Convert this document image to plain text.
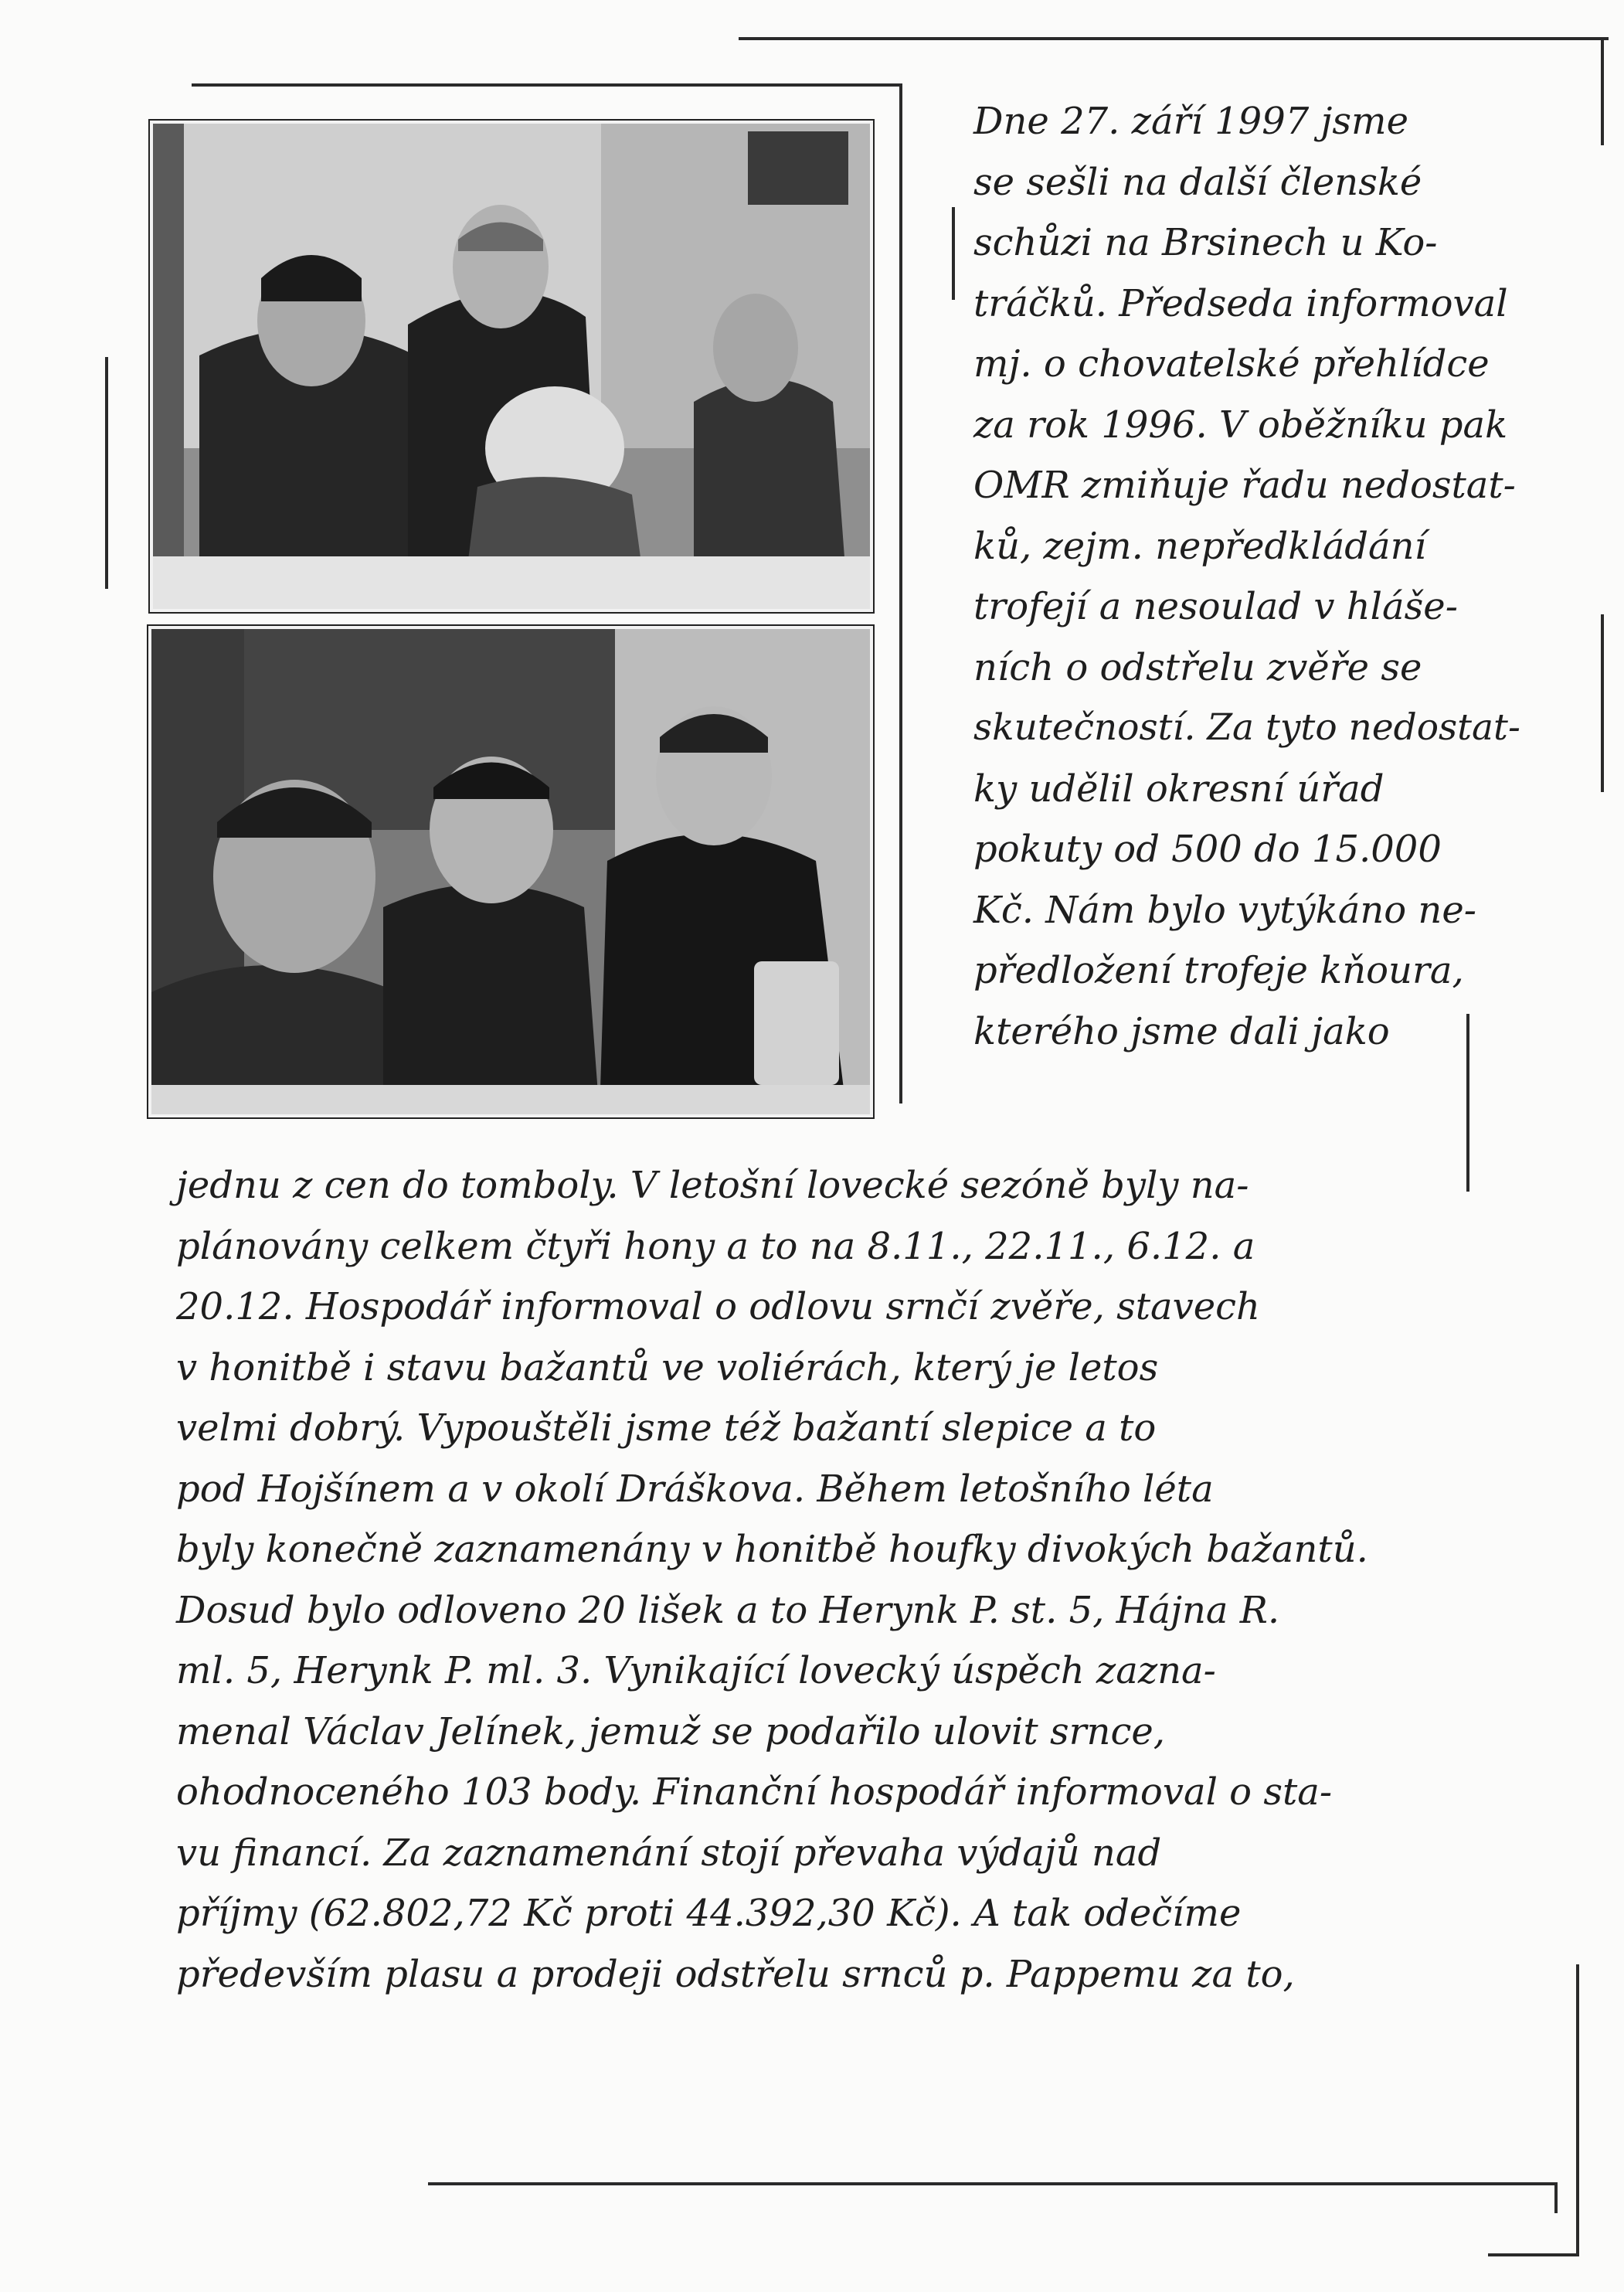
Dne 27. září 1997 jsme
se sešli na další členské
schůzi na Brsinech u Ko-
tráčků. Předseda informoval
mj. o chovatelské přehlídce
za rok 1996. V oběžníku pak
OMR zmiňuje řadu nedostat-
ků, zejm. nepředkládání
trofejí a nesoulad v hláše-
ních o odstřelu zvěře se
skutečností. Za tyto nedostat-
ky udělil okresní úřad
pokuty od 500 do 15.000
Kč. Nám bylo vytýkáno ne-
předložení trofeje kňoura,
kterého jsme dali jako
jednu z cen do tomboly. V letošní lovecké sezóně byly na-
plánovány celkem čtyři hony a to na 8.11., 22.11., 6.12. a
20.12. Hospodář informoval o odlovu srnčí zvěře, stavech
v honitbě i stavu bažantů ve voliérách, který je letos
velmi dobrý. Vypouštěli jsme též bažantí slepice a to
pod Hojšínem a v okolí Dráškova. Během letošního léta
byly konečně zaznamenány v honitbě houfky divokých bažantů.
Dosud bylo odloveno 20 lišek a to Herynk P. st. 5, Hájna R.
ml. 5, Herynk P. ml. 3. Vynikající lovecký úspěch zazna-
menal Václav Jelínek, jemuž se podařilo ulovit srnce,
ohodnoceného 103 body. Finanční hospodář informoval o sta-
vu financí. Za zaznamenání stojí převaha výdajů nad
příjmy (62.802,72 Kč proti 44.392,30 Kč). A tak odečíme
především plasu a prodeji odstřelu srnců p. Pappemu za to,
